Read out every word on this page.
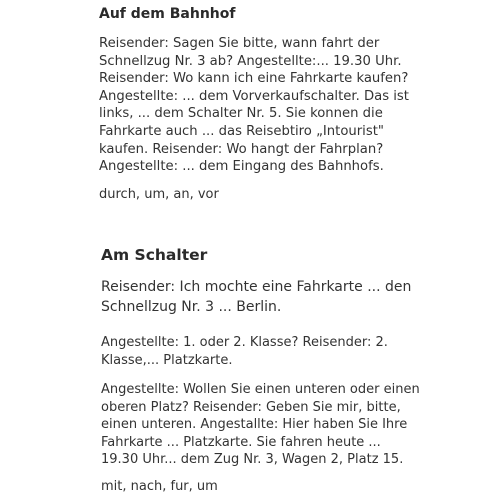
Auf dem Bahnhof

Reisender: Sagen Sie bitte, wann fahrt der
Schnellzug Nr. 3 ab? Angestellte:... 19.30 Uhr.
Reisender: Wo kann ich eine Fahrkarte kaufen?
Angestellte: ... dem Vorverkaufschalter. Das ist
links, ... dem Schalter Nr. 5. Sie konnen die
Fahrkarte auch ... das Reisebtiro „Intourist"
kaufen. Reisender: Wo hangt der Fahrplan?
Angestellte: ... dem Eingang des Bahnhofs.

durch, um, an, vor

Am Schalter

Reisender: Ich mochte eine Fahrkarte ... den
Schnellzug Nr. 3 ... Berlin.

Angestellte: 1. oder 2. Klasse? Reisender: 2.
Klasse,... Platzkarte.

Angestellte: Wollen Sie einen unteren oder einen
oberen Platz? Reisender: Geben Sie mir, bitte,
einen unteren. Angestallte: Hier haben Sie Ihre
Fahrkarte ... Platzkarte. Sie fahren heute ...
19.30 Uhr... dem Zug Nr. 3, Wagen 2, Platz 15.

mit, nach, fur, um
